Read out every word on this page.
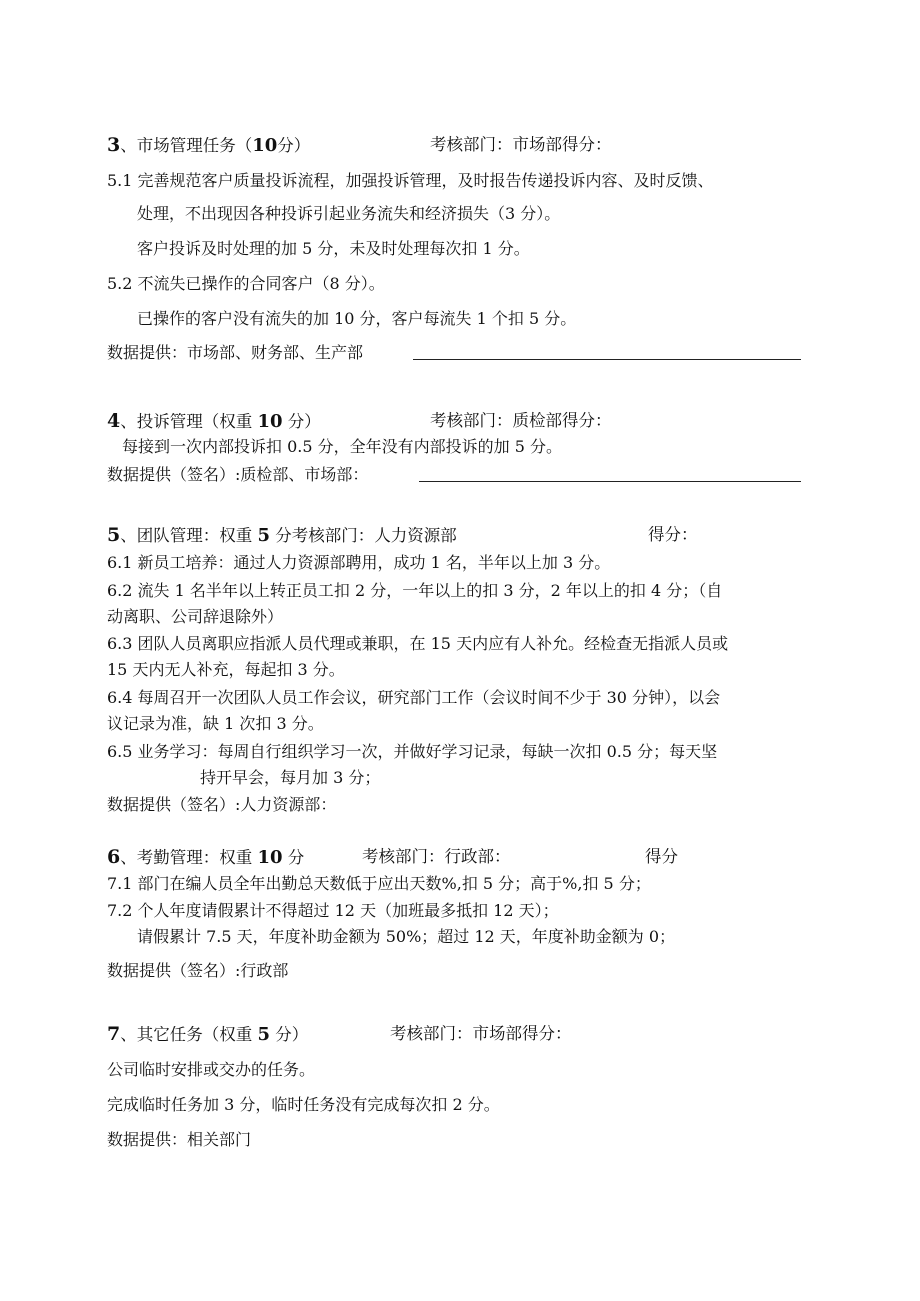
3、市场管理任务（10分）	考核部门：市场部得分：
5.1 完善规范客户质量投诉流程，加强投诉管理，及时报告传递投诉内容、及时反馈、
处理，不出现因各种投诉引起业务流失和经济损失（3 分）。
客户投诉及时处理的加 5 分，未及时处理每次扣 1 分。
5.2 不流失已操作的合同客户（8 分）。
已操作的客户没有流失的加 10 分，客户每流失 1 个扣 5 分。
数据提供：市场部、财务部、生产部
4、投诉管理（权重 10 分）	考核部门：质检部得分：
每接到一次内部投诉扣 0.5 分，全年没有内部投诉的加 5 分。
数据提供（签名）:质检部、市场部：
5、团队管理：权重 5 分考核部门：人力资源部	得分：
6.1 新员工培养：通过人力资源部聘用，成功 1 名，半年以上加 3 分。
6.2 流失 1 名半年以上转正员工扣 2 分，一年以上的扣 3 分，2 年以上的扣 4 分；（自
动离职、公司辞退除外）
6.3 团队人员离职应指派人员代理或兼职，在 15 天内应有人补允。经检查无指派人员或
15 天内无人补充，每起扣 3 分。
6.4 每周召开一次团队人员工作会议，研究部门工作（会议时间不少于 30 分钟），以会
议记录为准，缺 1 次扣 3 分。
6.5 业务学习：每周自行组织学习一次，并做好学习记录，每缺一次扣 0.5 分；每天坚
持开早会，每月加 3 分；
数据提供（签名）:人力资源部：
6、考勤管理：权重 10 分	考核部门：行政部：	得分
7.1 部门在编人员全年出勤总天数低于应出天数%,扣 5 分；高于%,扣 5 分；
7.2 个人年度请假累计不得超过 12 天（加班最多抵扣 12 天）；
请假累计 7.5 天，年度补助金额为 50%；超过 12 天，年度补助金额为 0；
数据提供（签名）:行政部
7、其它任务（权重 5 分）	考核部门：市场部得分：
公司临时安排或交办的任务。
完成临时任务加 3 分，临时任务没有完成每次扣 2 分。
数据提供：相关部门
